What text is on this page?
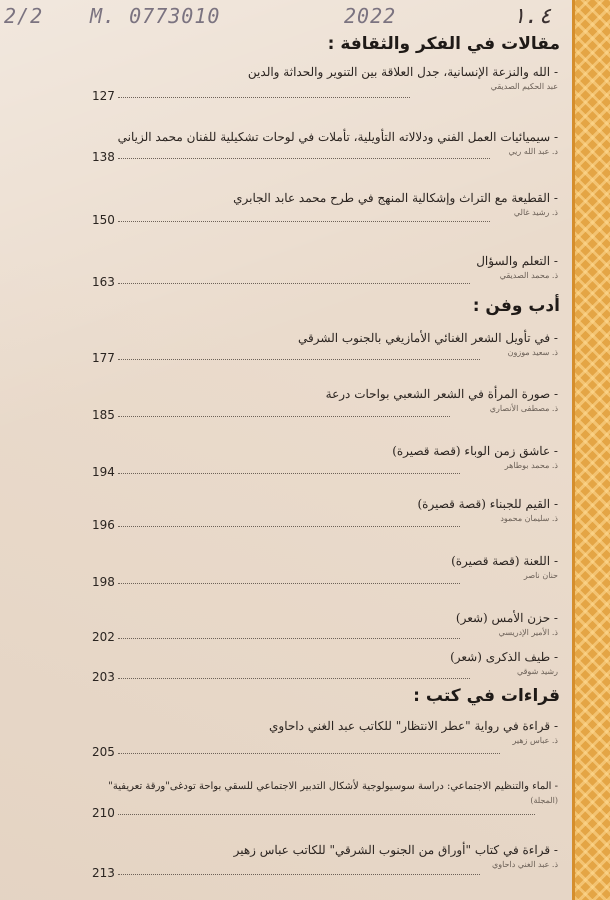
2/2 M. 0773010	2022	١.٤
مقالات في الفكر والثقافة :
- الله والنزعة الإنسانية، جدل العلاقة بين التنوير والحداثة والدين
عبد الحكيم الصديقي
127
- سيميائيات العمل الفني ودلالاته التأويلية، تأملات في لوحات تشكيلية للفنان محمد الزياني
د. عبد الله ريي
138
- القطيعة مع التراث وإشكالية المنهج في طرح محمد عابد الجابري
ذ. رشيد غالي
150
- التعلم والسؤال
ذ. محمد الصديقي
163
أدب وفن :
- في تأويل الشعر الغنائي الأمازيغي بالجنوب الشرقي
ذ. سعيد موزون
177
- صورة المرأة في الشعر الشعبي بواحات درعة
ذ. مصطفى الأنصاري
185
- عاشق زمن الوباء (قصة قصيرة)
ذ. محمد بوطاهر
194
- القيم للجبناء (قصة قصيرة)
ذ. سليمان محمود
196
- اللعنة (قصة قصيرة)
حنان ناصر
198
- حزن الأمس (شعر)
ذ. الأمير الإدريسي
202
- طيف الذكرى (شعر)
رشيد شوقي
203
قراءات في كتب :
- قراءة في رواية "عطر الانتظار" للكاتب عبد الغني داحاوي
ذ. عباس زهير
205
- الماء والتنظيم الاجتماعي: دراسة سوسيولوجية لأشكال التدبير الاجتماعي للسقي بواحة تودغى"ورقة تعريفية"
(المجلة)
210
- قراءة في كتاب "أوراق من الجنوب الشرقي" للكاتب عباس زهير
ذ. عبد الغني داحاوي
213
